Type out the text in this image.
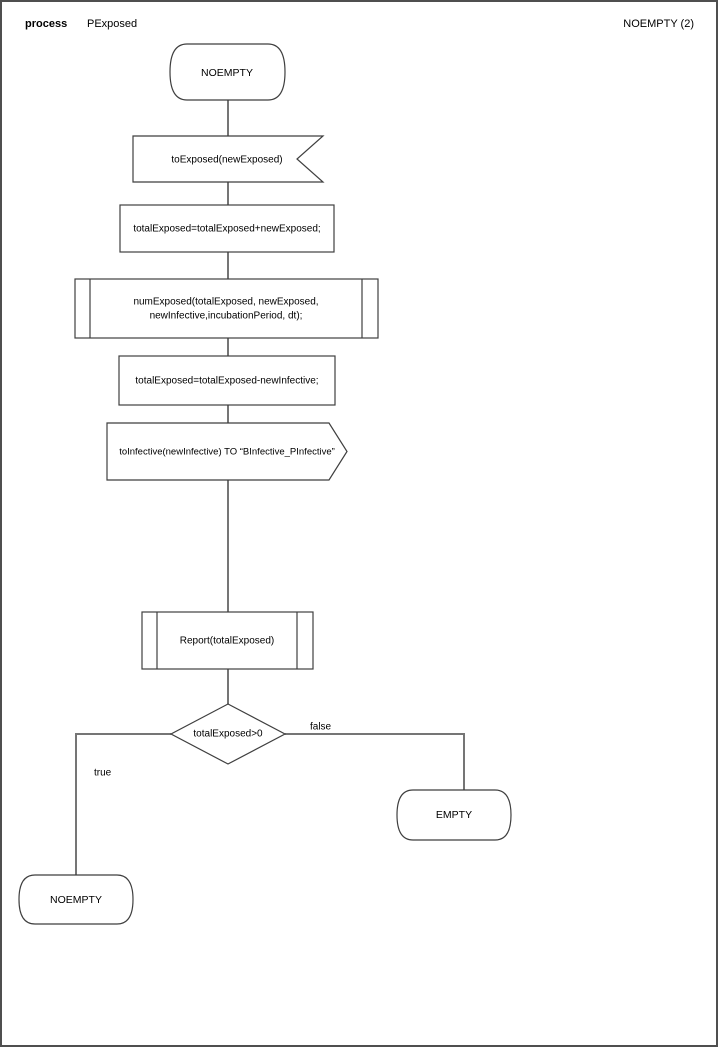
process PExposed	NOEMPTY (2)
false
true
NOEMPTY
toExposed(newExposed)
totalExposed=totalExposed+newExposed;
numExposed(totalExposed, newExposed,
newInfective,incubationPeriod, dt);
totalExposed=totalExposed-newInfective;
toInfective(newInfective) TO “BInfective_PInfective”
Report(totalExposed)
totalExposed>0
EMPTY
NOEMPTY
